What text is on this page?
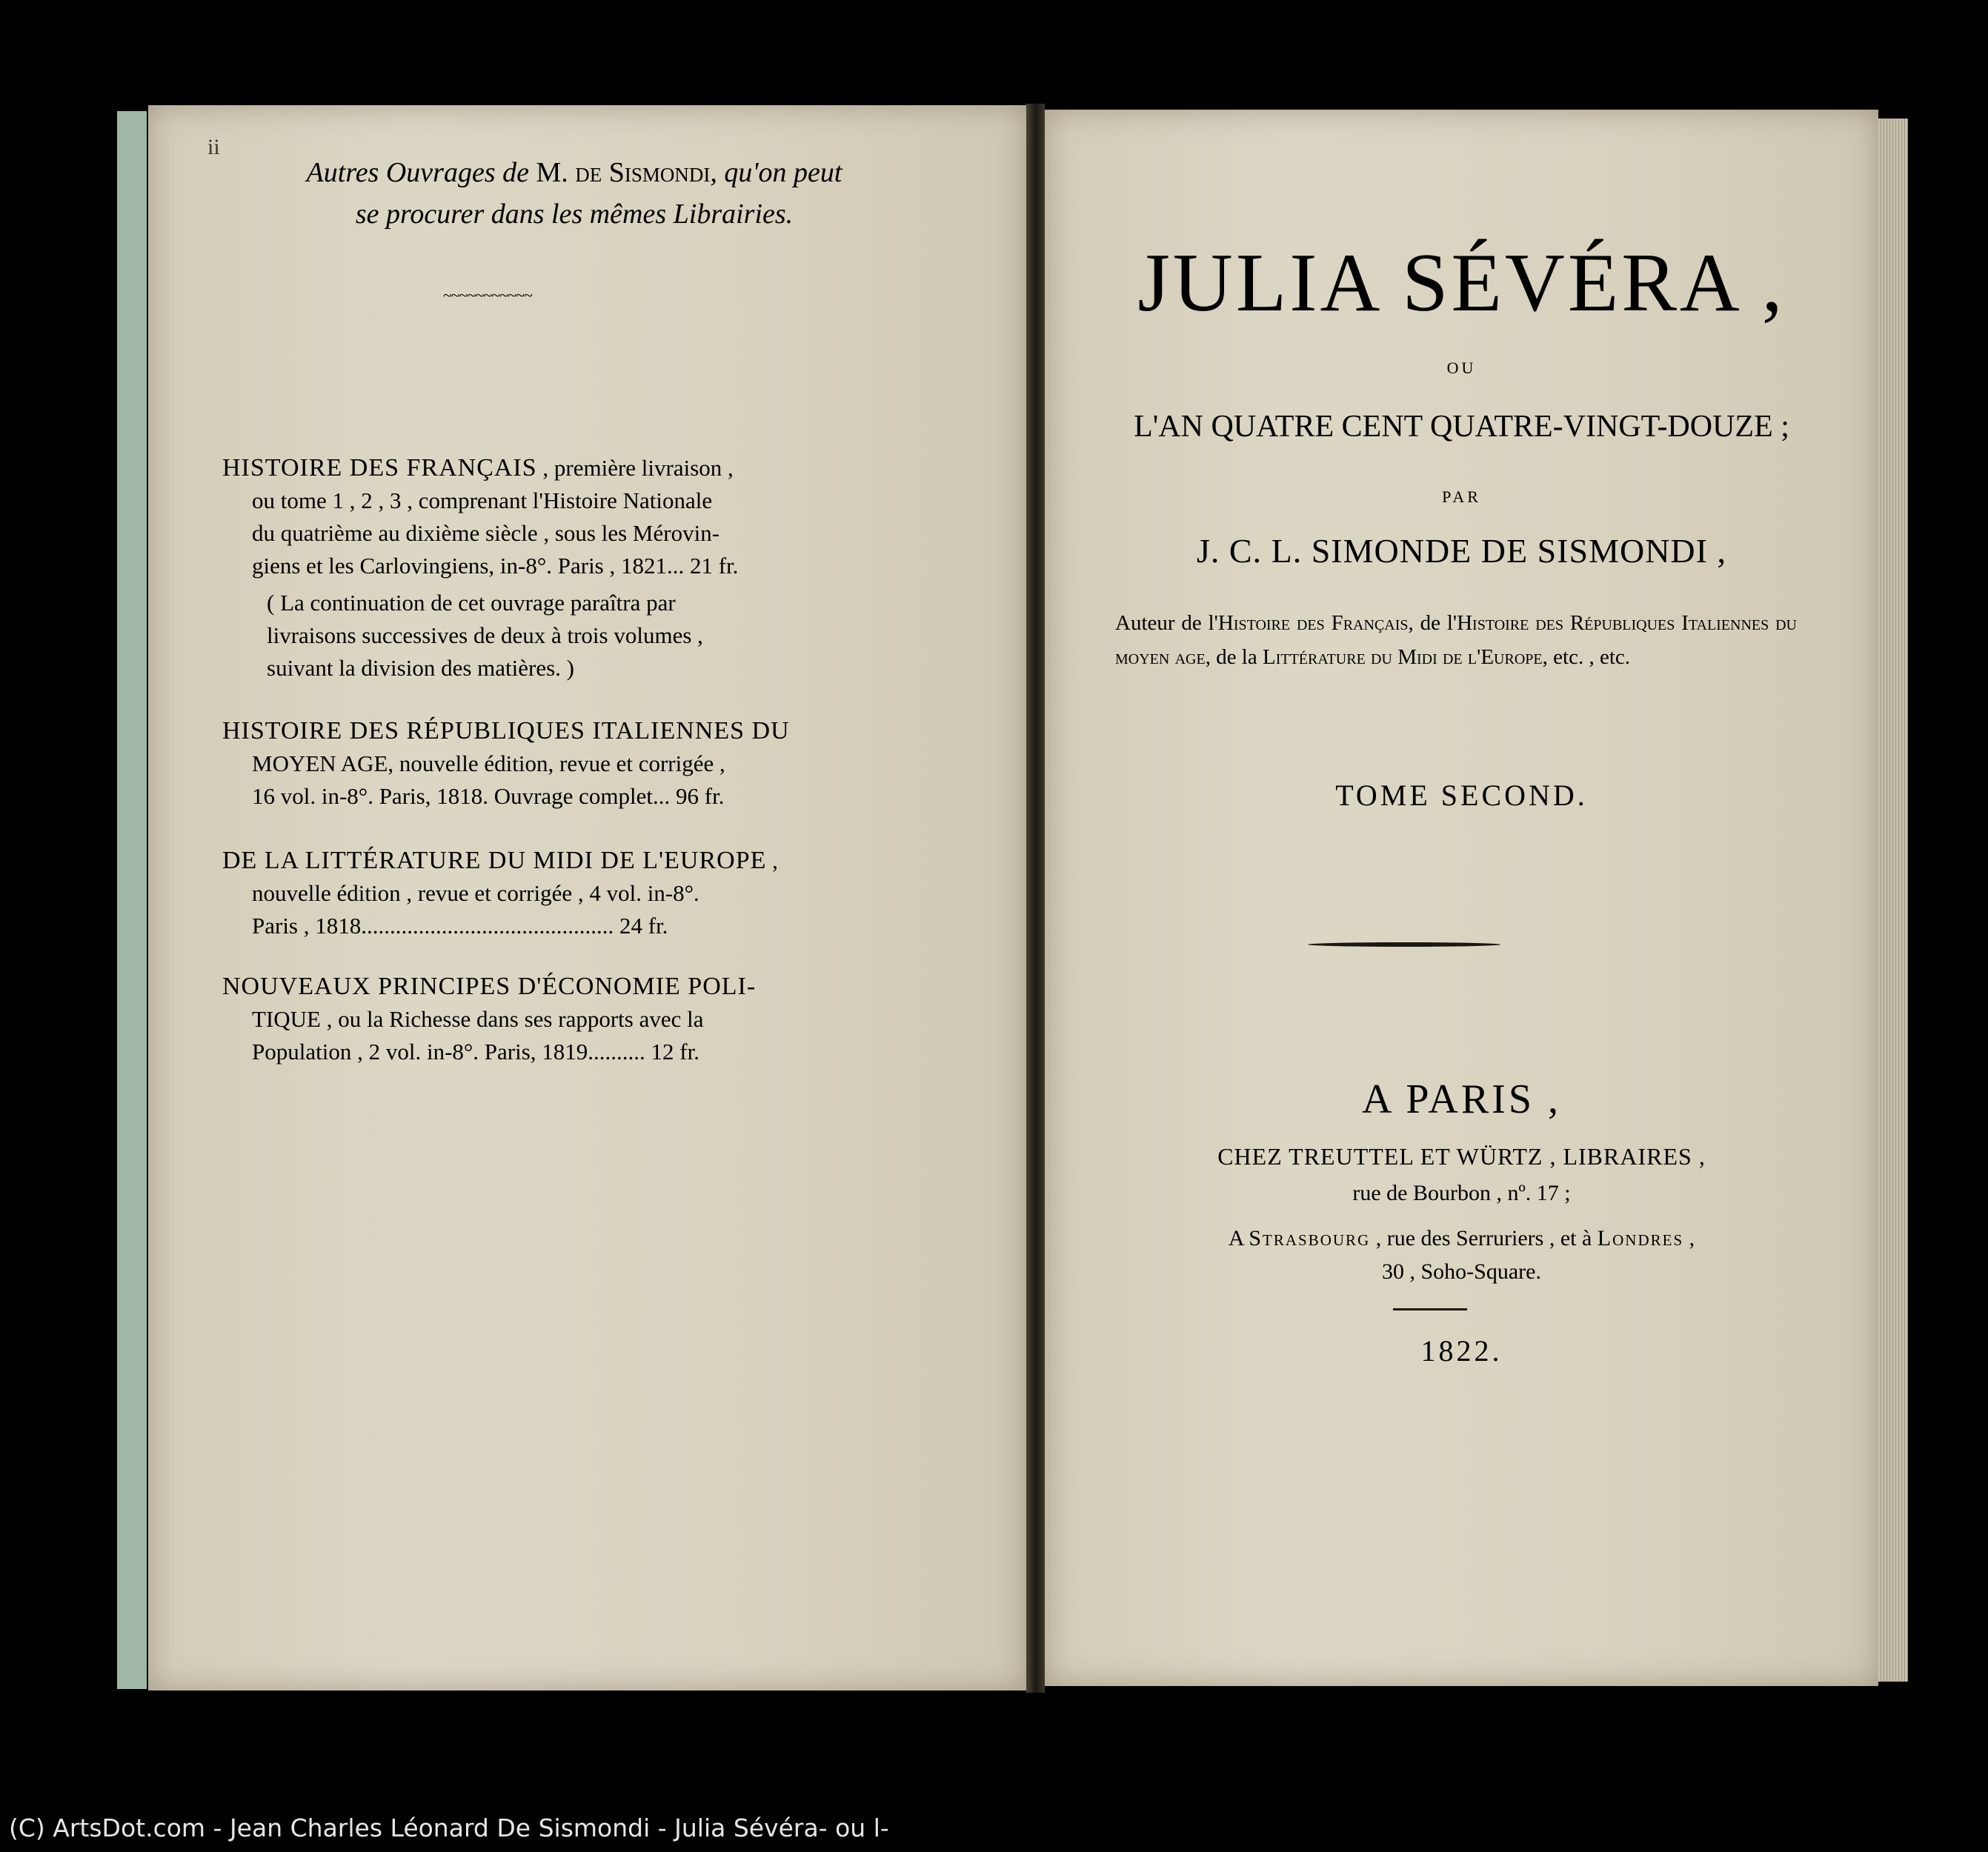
ii
Autres Ouvrages de M. de Sismondi, qu'on peut
se procurer dans les mêmes Librairies.
~~~~~~~~~~~
HISTOIRE DES FRANÇAIS , première livraison ,
ou tome 1 , 2 , 3 , comprenant l'Histoire Nationale
du quatrième au dixième siècle , sous les Mérovin-
giens et les Carlovingiens, in-8°. Paris , 1821... 21 fr.
( La continuation de cet ouvrage paraîtra par
livraisons successives de deux à trois volumes ,
suivant la division des matières. )
HISTOIRE DES RÉPUBLIQUES ITALIENNES DU
MOYEN AGE, nouvelle édition, revue et corrigée ,
16 vol. in-8°. Paris, 1818. Ouvrage complet... 96 fr.
DE LA LITTÉRATURE DU MIDI DE L'EUROPE ,
nouvelle édition , revue et corrigée , 4 vol. in-8°.
Paris , 1818............................................ 24 fr.
NOUVEAUX PRINCIPES D'ÉCONOMIE POLI-
TIQUE , ou la Richesse dans ses rapports avec la
Population , 2 vol. in-8°. Paris, 1819.......... 12 fr.
JULIA SÉVÉRA ,
OU
L'AN QUATRE CENT QUATRE-VINGT-DOUZE ;
PAR
J. C. L. SIMONDE DE SISMONDI ,
Auteur de l'Histoire des Français, de l'Histoire des Républiques Italiennes du moyen age, de la Littérature du Midi de l'Europe, etc. , etc.
TOME SECOND.
A PARIS ,
CHEZ TREUTTEL ET WÜRTZ , LIBRAIRES ,
rue de Bourbon , nº. 17 ;
A Strasbourg , rue des Serruriers , et à Londres ,
30 , Soho-Square.
1822.
(C) ArtsDot.com - Jean Charles Léonard De Sismondi - Julia Sévéra- ou l-
